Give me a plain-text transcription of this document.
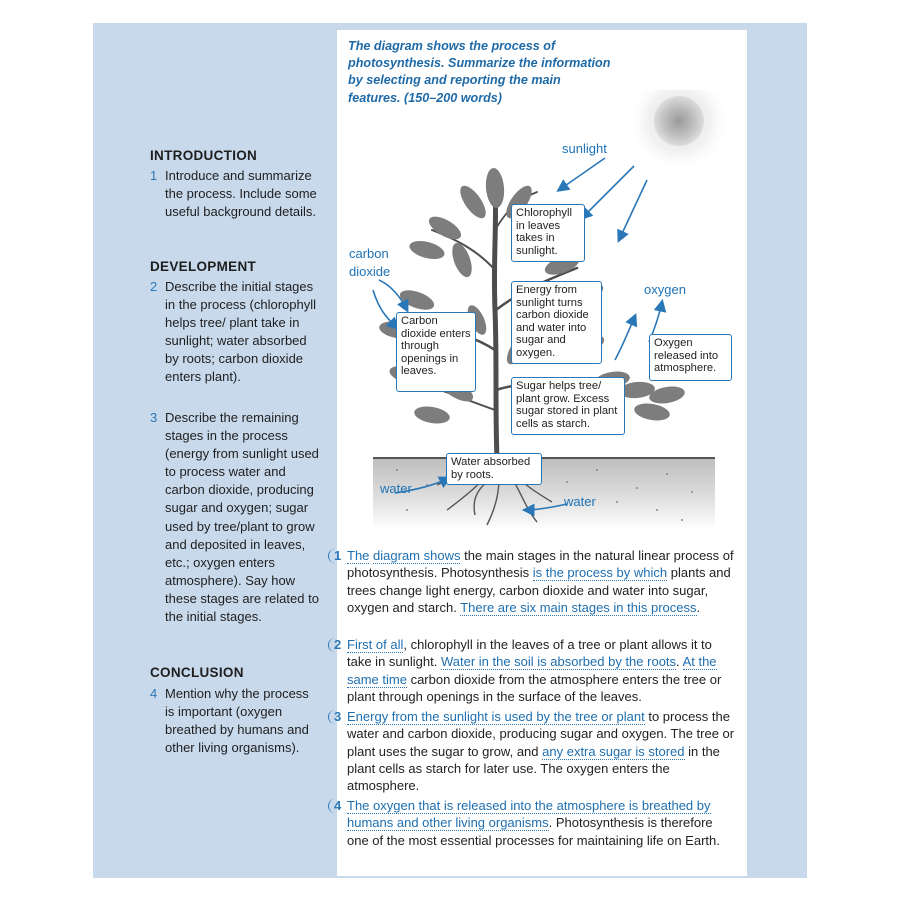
INTRODUCTION
1 Introduce and summarize the process. Include some useful background details.
DEVELOPMENT
2 Describe the initial stages in the process (chlorophyll helps tree/ plant take in sunlight; water absorbed by roots; carbon dioxide enters plant).
3 Describe the remaining stages in the process (energy from sunlight used to process water and carbon dioxide, producing sugar and oxygen; sugar used by tree/plant to grow and deposited in leaves, etc.; oxygen enters atmosphere). Say how these stages are related to the initial stages.
CONCLUSION
4 Mention why the process is important (oxygen breathed by humans and other living organisms).
The diagram shows the process of photosynthesis. Summarize the information by selecting and reporting the main features. (150–200 words)
sunlight
carbon
dioxide
oxygen
water
water
Chlorophyll in leaves takes in sunlight.
Energy from sunlight turns carbon dioxide and water into sugar and oxygen.
Carbon dioxide enters through openings in leaves.
Oxygen released into atmosphere.
Sugar helps tree/ plant grow. Excess sugar stored in plant cells as starch.
Water absorbed by roots.
1 The diagram shows the main stages in the natural linear process of photosynthesis. Photosynthesis is the process by which plants and trees change light energy, carbon dioxide and water into sugar, oxygen and starch. There are six main stages in this process.
2 First of all, chlorophyll in the leaves of a tree or plant allows it to take in sunlight. Water in the soil is absorbed by the roots. At the same time carbon dioxide from the atmosphere enters the tree or plant through openings in the surface of the leaves.
3 Energy from the sunlight is used by the tree or plant to process the water and carbon dioxide, producing sugar and oxygen. The tree or plant uses the sugar to grow, and any extra sugar is stored in the plant cells as starch for later use. The oxygen enters the atmosphere.
4 The oxygen that is released into the atmosphere is breathed by humans and other living organisms. Photosynthesis is therefore one of the most essential processes for maintaining life on Earth.
